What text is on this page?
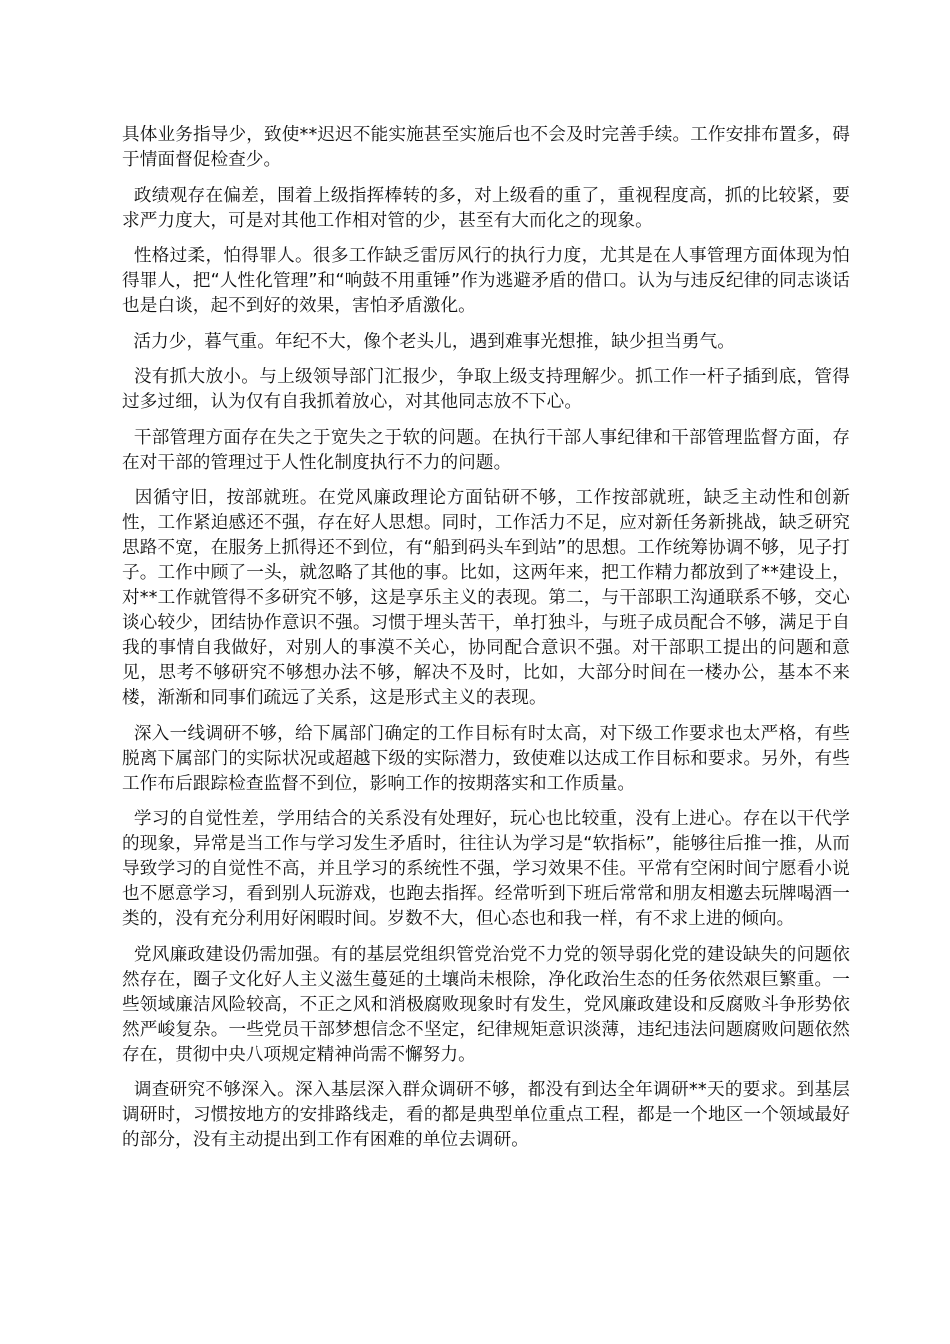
具体业务指导少，致使**迟迟不能实施甚至实施后也不会及时完善手续。工作安排布置多，碍于情面督促检查少。

政绩观存在偏差，围着上级指挥棒转的多，对上级看的重了，重视程度高，抓的比较紧，要求严力度大，可是对其他工作相对管的少，甚至有大而化之的现象。

性格过柔，怕得罪人。很多工作缺乏雷厉风行的执行力度，尤其是在人事管理方面体现为怕得罪人，把“人性化管理”和“响鼓不用重锤”作为逃避矛盾的借口。认为与违反纪律的同志谈话也是白谈，起不到好的效果，害怕矛盾激化。

活力少，暮气重。年纪不大，像个老头儿，遇到难事光想推，缺少担当勇气。

没有抓大放小。与上级领导部门汇报少，争取上级支持理解少。抓工作一杆子插到底，管得过多过细，认为仅有自我抓着放心，对其他同志放不下心。

干部管理方面存在失之于宽失之于软的问题。在执行干部人事纪律和干部管理监督方面，存在对干部的管理过于人性化制度执行不力的问题。

因循守旧，按部就班。在党风廉政理论方面钻研不够，工作按部就班，缺乏主动性和创新性，工作紧迫感还不强，存在好人思想。同时，工作活力不足，应对新任务新挑战，缺乏研究思路不宽，在服务上抓得还不到位，有“船到码头车到站”的思想。工作统筹协调不够，见子打子。工作中顾了一头，就忽略了其他的事。比如，这两年来，把工作精力都放到了**建设上，对**工作就管得不多研究不够，这是享乐主义的表现。第二，与干部职工沟通联系不够，交心谈心较少，团结协作意识不强。习惯于埋头苦干，单打独斗，与班子成员配合不够，满足于自我的事情自我做好，对别人的事漠不关心，协同配合意识不强。对干部职工提出的问题和意见，思考不够研究不够想办法不够，解决不及时，比如，大部分时间在一楼办公，基本不来楼，渐渐和同事们疏远了关系，这是形式主义的表现。

深入一线调研不够，给下属部门确定的工作目标有时太高，对下级工作要求也太严格，有些脱离下属部门的实际状况或超越下级的实际潜力，致使难以达成工作目标和要求。另外，有些工作布后跟踪检查监督不到位，影响工作的按期落实和工作质量。

学习的自觉性差，学用结合的关系没有处理好，玩心也比较重，没有上进心。存在以干代学的现象，异常是当工作与学习发生矛盾时，往往认为学习是“软指标”，能够往后推一推，从而导致学习的自觉性不高，并且学习的系统性不强，学习效果不佳。平常有空闲时间宁愿看小说也不愿意学习，看到别人玩游戏，也跑去指挥。经常听到下班后常常和朋友相邀去玩牌喝酒一类的，没有充分利用好闲暇时间。岁数不大，但心态也和我一样，有不求上进的倾向。

党风廉政建设仍需加强。有的基层党组织管党治党不力党的领导弱化党的建设缺失的问题依然存在，圈子文化好人主义滋生蔓延的土壤尚未根除，净化政治生态的任务依然艰巨繁重。一些领域廉洁风险较高，不正之风和消极腐败现象时有发生，党风廉政建设和反腐败斗争形势依然严峻复杂。一些党员干部梦想信念不坚定，纪律规矩意识淡薄，违纪违法问题腐败问题依然存在，贯彻中央八项规定精神尚需不懈努力。

调查研究不够深入。深入基层深入群众调研不够，都没有到达全年调研**天的要求。到基层调研时，习惯按地方的安排路线走，看的都是典型单位重点工程，都是一个地区一个领域最好的部分，没有主动提出到工作有困难的单位去调研。
